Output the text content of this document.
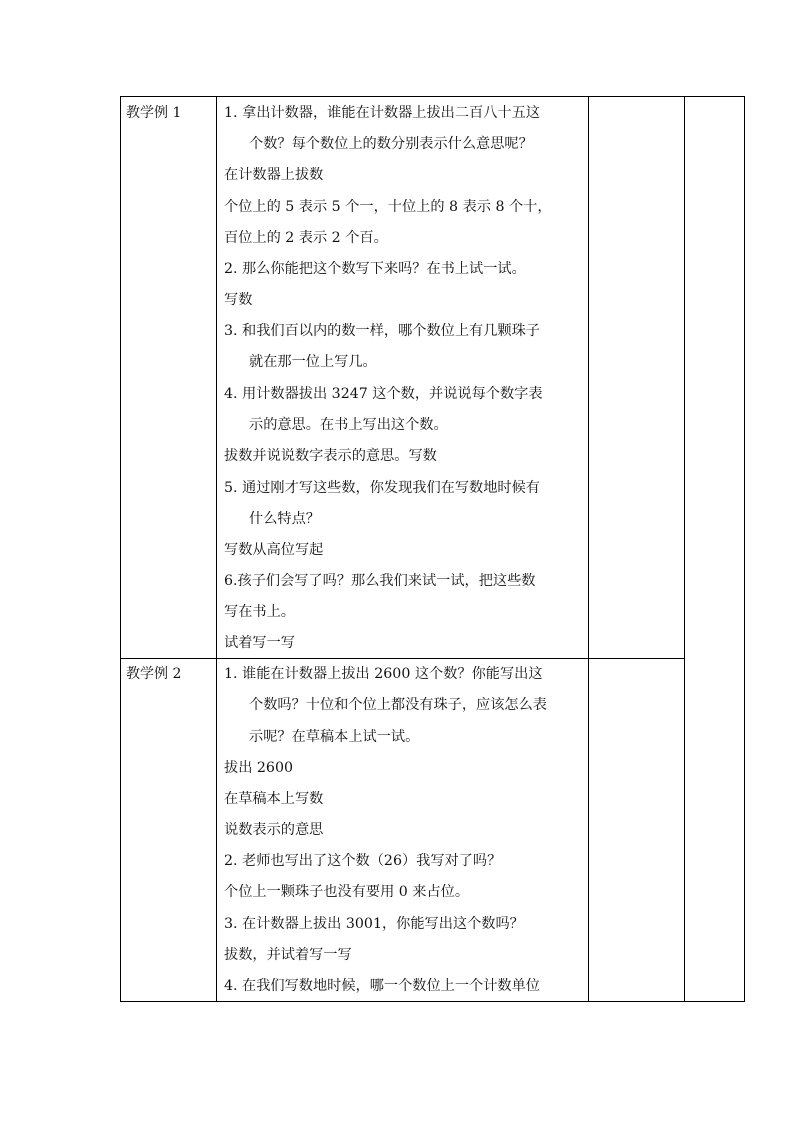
教学例 1	1. 拿出计数器，谁能在计数器上拔出二百八十五这
个数？每个数位上的数分别表示什么意思呢？
在计数器上拔数
个位上的 5 表示 5 个一，十位上的 8 表示 8 个十，
百位上的 2 表示 2 个百。
2. 那么你能把这个数写下来吗？在书上试一试。
写数
3. 和我们百以内的数一样，哪个数位上有几颗珠子
就在那一位上写几。
4. 用计数器拔出 3247 这个数，并说说每个数字表
示的意思。在书上写出这个数。
拔数并说说数字表示的意思。写数
5. 通过刚才写这些数，你发现我们在写数地时候有
什么特点？
写数从高位写起
6.孩子们会写了吗？那么我们来试一试，把这些数
写在书上。
试着写一写
教学例 2	1. 谁能在计数器上拔出 2600 这个数？你能写出这
个数吗？十位和个位上都没有珠子，应该怎么表
示呢？在草稿本上试一试。
拔出 2600
在草稿本上写数
说数表示的意思
2. 老师也写出了这个数（26）我写对了吗？
个位上一颗珠子也没有要用 0 来占位。
3. 在计数器上拔出 3001，你能写出这个数吗？
拔数，并试着写一写
4. 在我们写数地时候，哪一个数位上一个计数单位
